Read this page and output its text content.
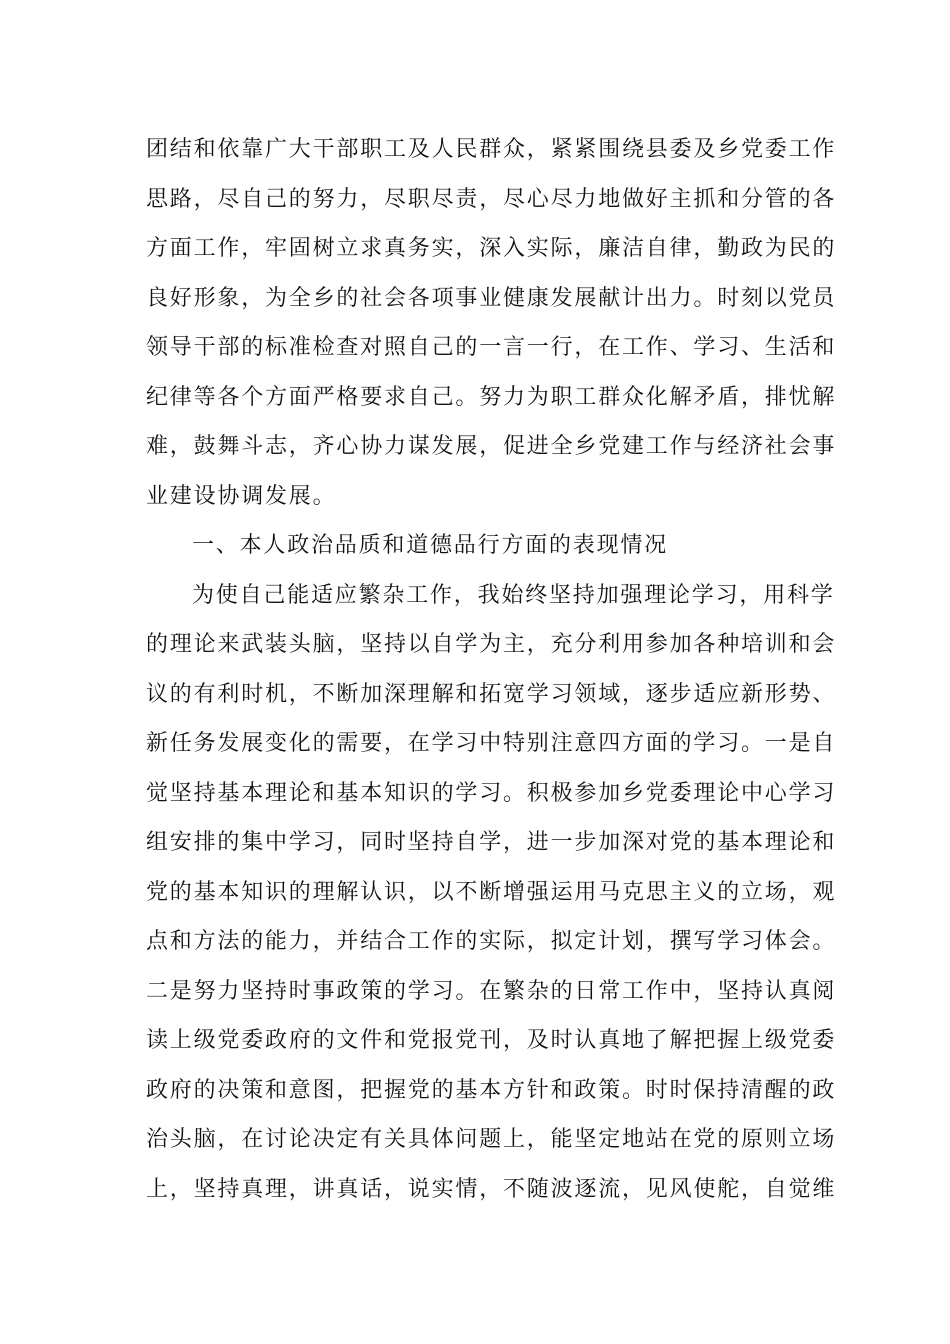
团结和依靠广大干部职工及人民群众，紧紧围绕县委及乡党委工作
思路，尽自己的努力，尽职尽责，尽心尽力地做好主抓和分管的各
方面工作，牢固树立求真务实，深入实际，廉洁自律，勤政为民的
良好形象，为全乡的社会各项事业健康发展献计出力。时刻以党员
领导干部的标准检查对照自己的一言一行，在工作、学习、生活和
纪律等各个方面严格要求自己。努力为职工群众化解矛盾，排忧解
难，鼓舞斗志，齐心协力谋发展，促进全乡党建工作与经济社会事
业建设协调发展。
一、本人政治品质和道德品行方面的表现情况
为使自己能适应繁杂工作，我始终坚持加强理论学习，用科学
的理论来武装头脑，坚持以自学为主，充分利用参加各种培训和会
议的有利时机，不断加深理解和拓宽学习领域，逐步适应新形势、
新任务发展变化的需要，在学习中特别注意四方面的学习。一是自
觉坚持基本理论和基本知识的学习。积极参加乡党委理论中心学习
组安排的集中学习，同时坚持自学，进一步加深对党的基本理论和
党的基本知识的理解认识，以不断增强运用马克思主义的立场，观
点和方法的能力，并结合工作的实际，拟定计划，撰写学习体会。
二是努力坚持时事政策的学习。在繁杂的日常工作中，坚持认真阅
读上级党委政府的文件和党报党刊，及时认真地了解把握上级党委
政府的决策和意图，把握党的基本方针和政策。时时保持清醒的政
治头脑，在讨论决定有关具体问题上，能坚定地站在党的原则立场
上，坚持真理，讲真话，说实情，不随波逐流，见风使舵，自觉维
